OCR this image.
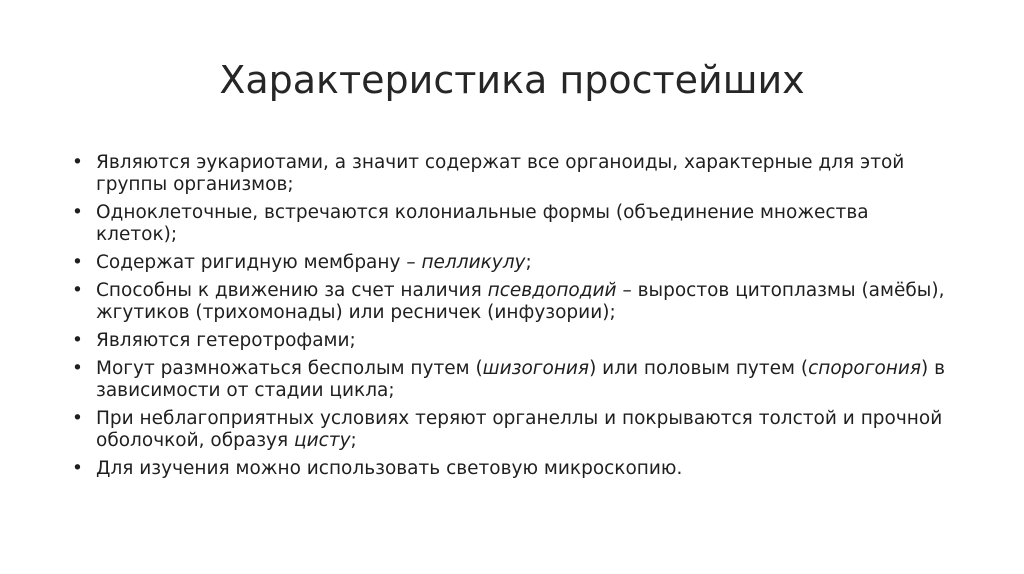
Характеристика простейших
• Являются эукариотами, а значит содержат все органоиды, характерные для этой группы организмов;
• Одноклеточные, встречаются колониальные формы (объединение множества клеток);
• Содержат ригидную мембрану – пелликулу;
• Способны к движению за счет наличия псевдоподий – выростов цитоплазмы (амёбы), жгутиков (трихомонады) или ресничек (инфузории);
• Являются гетеротрофами;
• Могут размножаться бесполым путем (шизогония) или половым путем (спорогония) в зависимости от стадии цикла;
• При неблагоприятных условиях теряют органеллы и покрываются толстой и прочной оболочкой, образуя цисту;
• Для изучения можно использовать световую микроскопию.
